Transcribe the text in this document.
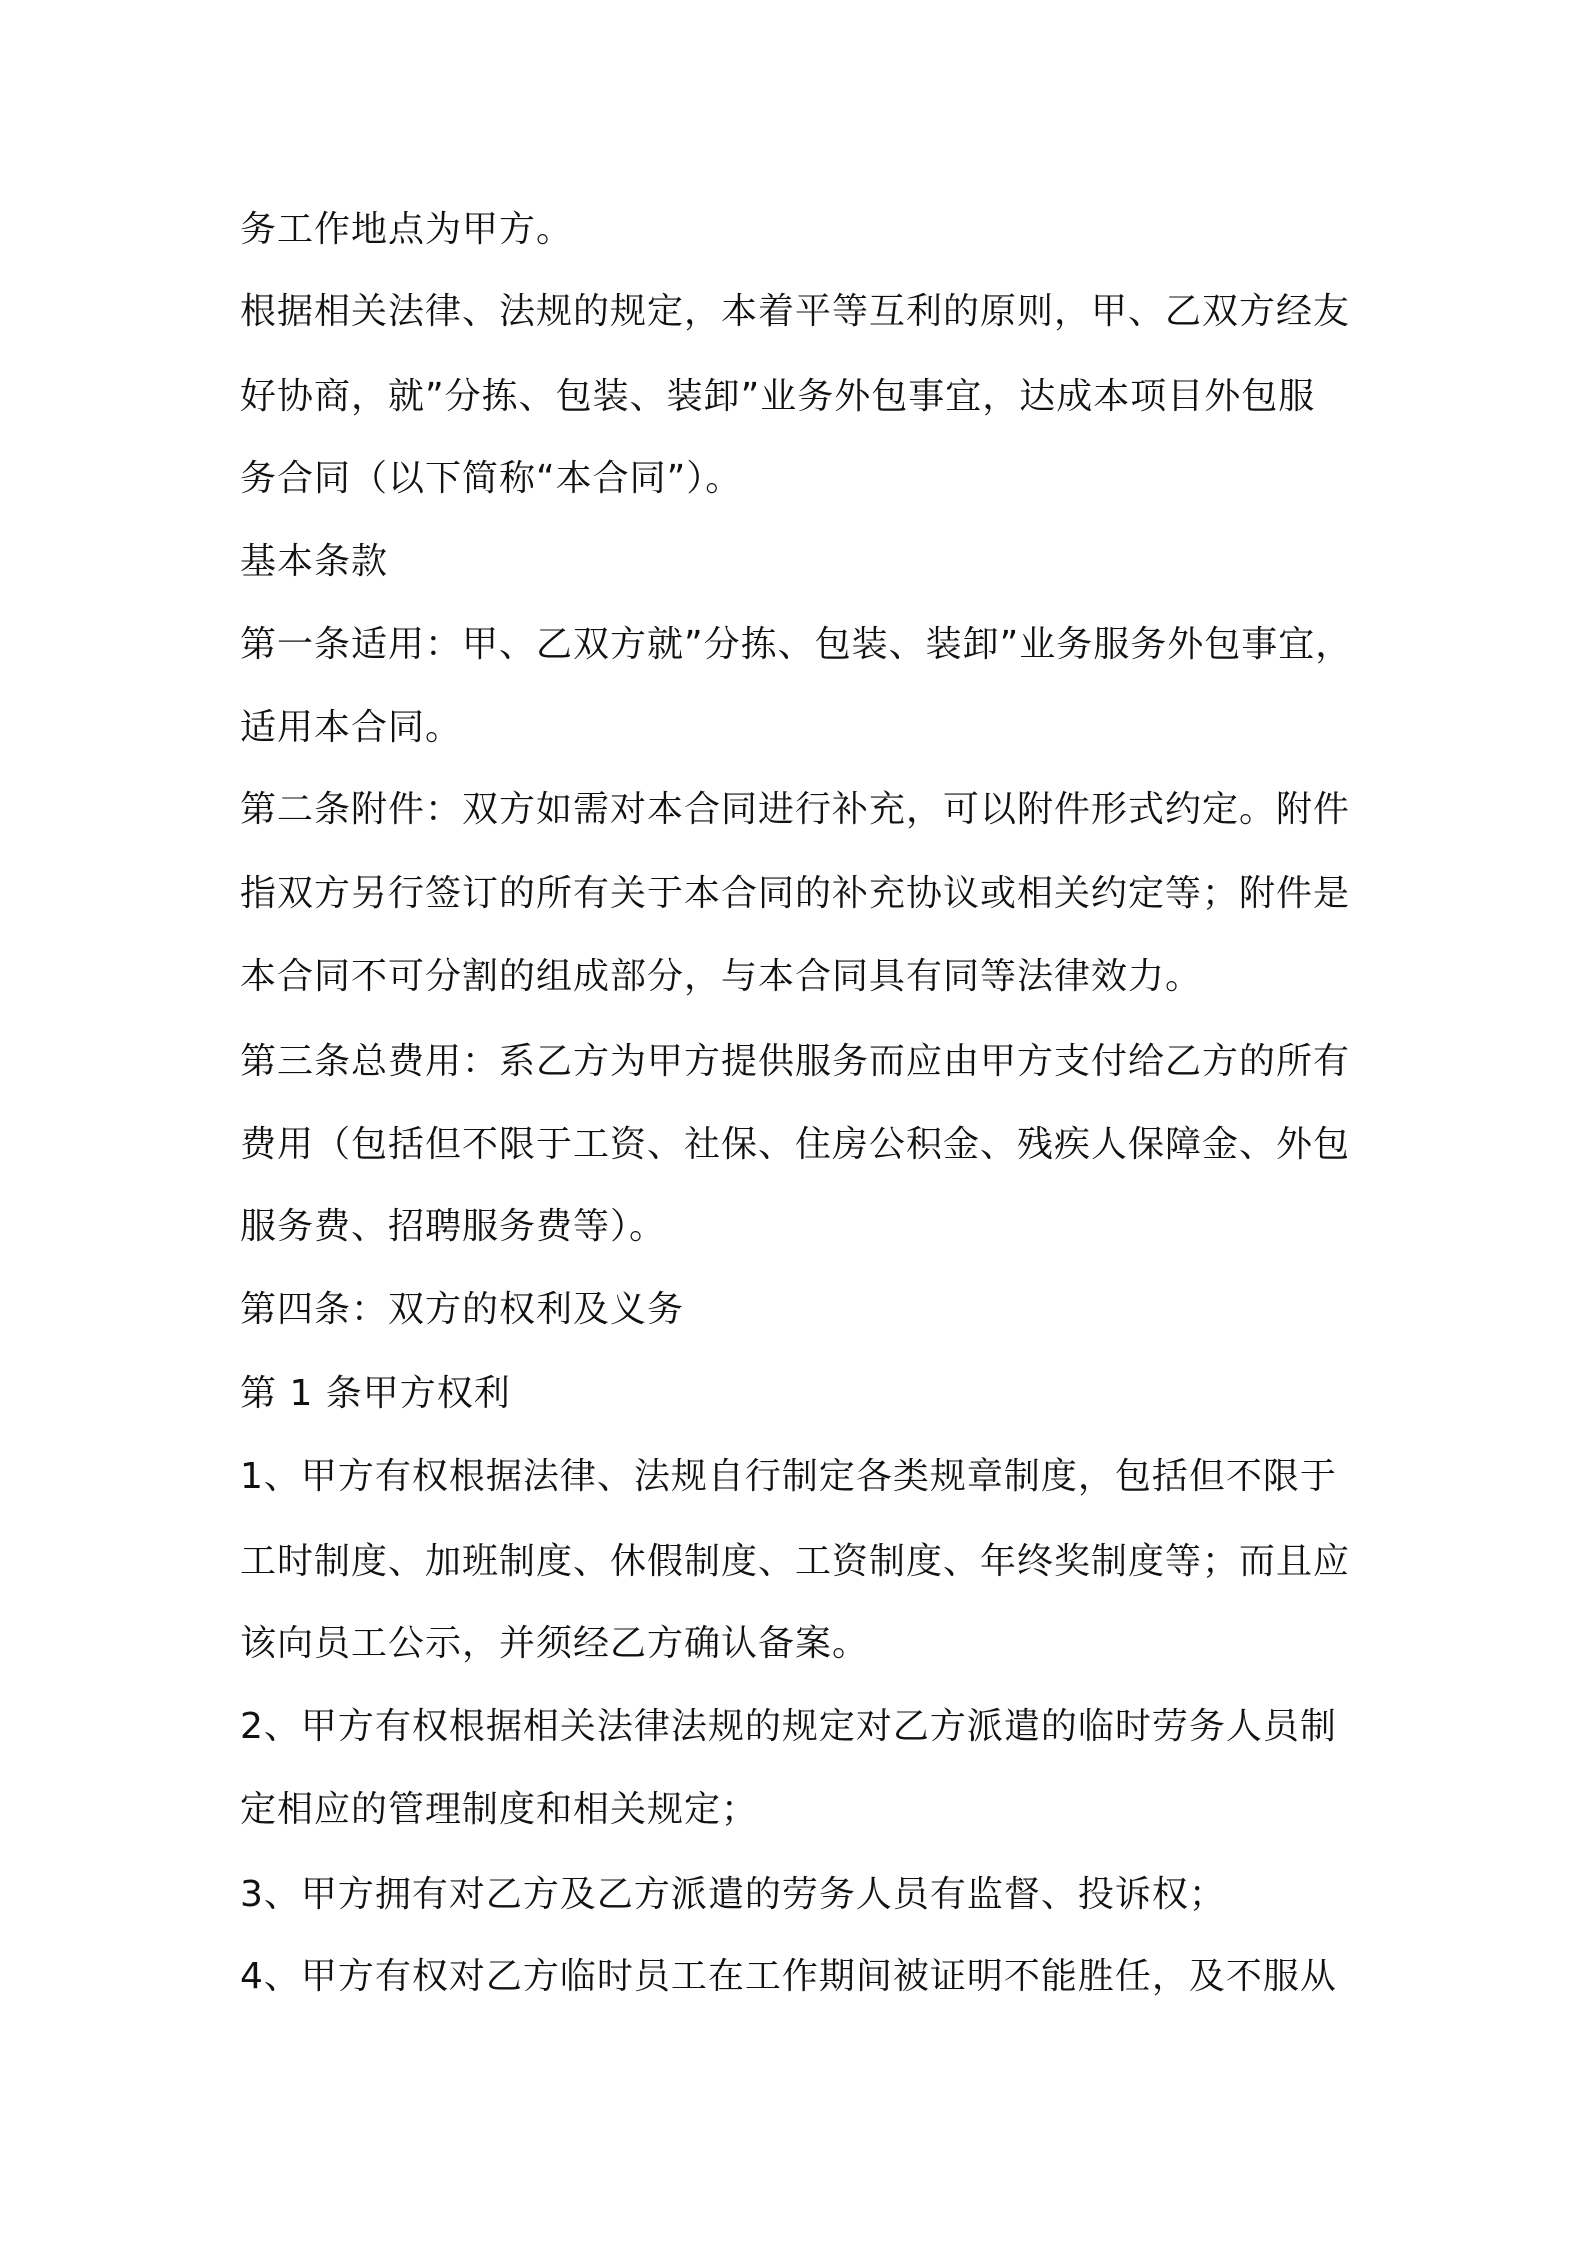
务工作地点为甲方。

根据相关法律、法规的规定，本着平等互利的原则，甲、乙双方经友

好协商，就”分拣、包装、装卸”业务外包事宜，达成本项目外包服

务合同（以下简称“本合同”）。

基本条款

第一条适用：甲、乙双方就”分拣、包装、装卸”业务服务外包事宜，

适用本合同。

第二条附件：双方如需对本合同进行补充，可以附件形式约定。附件

指双方另行签订的所有关于本合同的补充协议或相关约定等；附件是

本合同不可分割的组成部分，与本合同具有同等法律效力。

第三条总费用：系乙方为甲方提供服务而应由甲方支付给乙方的所有

费用（包括但不限于工资、社保、住房公积金、残疾人保障金、外包

服务费、招聘服务费等）。

第四条：双方的权利及义务

第 1 条甲方权利

1、甲方有权根据法律、法规自行制定各类规章制度，包括但不限于

工时制度、加班制度、休假制度、工资制度、年终奖制度等；而且应

该向员工公示，并须经乙方确认备案。

2、甲方有权根据相关法律法规的规定对乙方派遣的临时劳务人员制

定相应的管理制度和相关规定；

3、甲方拥有对乙方及乙方派遣的劳务人员有监督、投诉权；

4、甲方有权对乙方临时员工在工作期间被证明不能胜任，及不服从
